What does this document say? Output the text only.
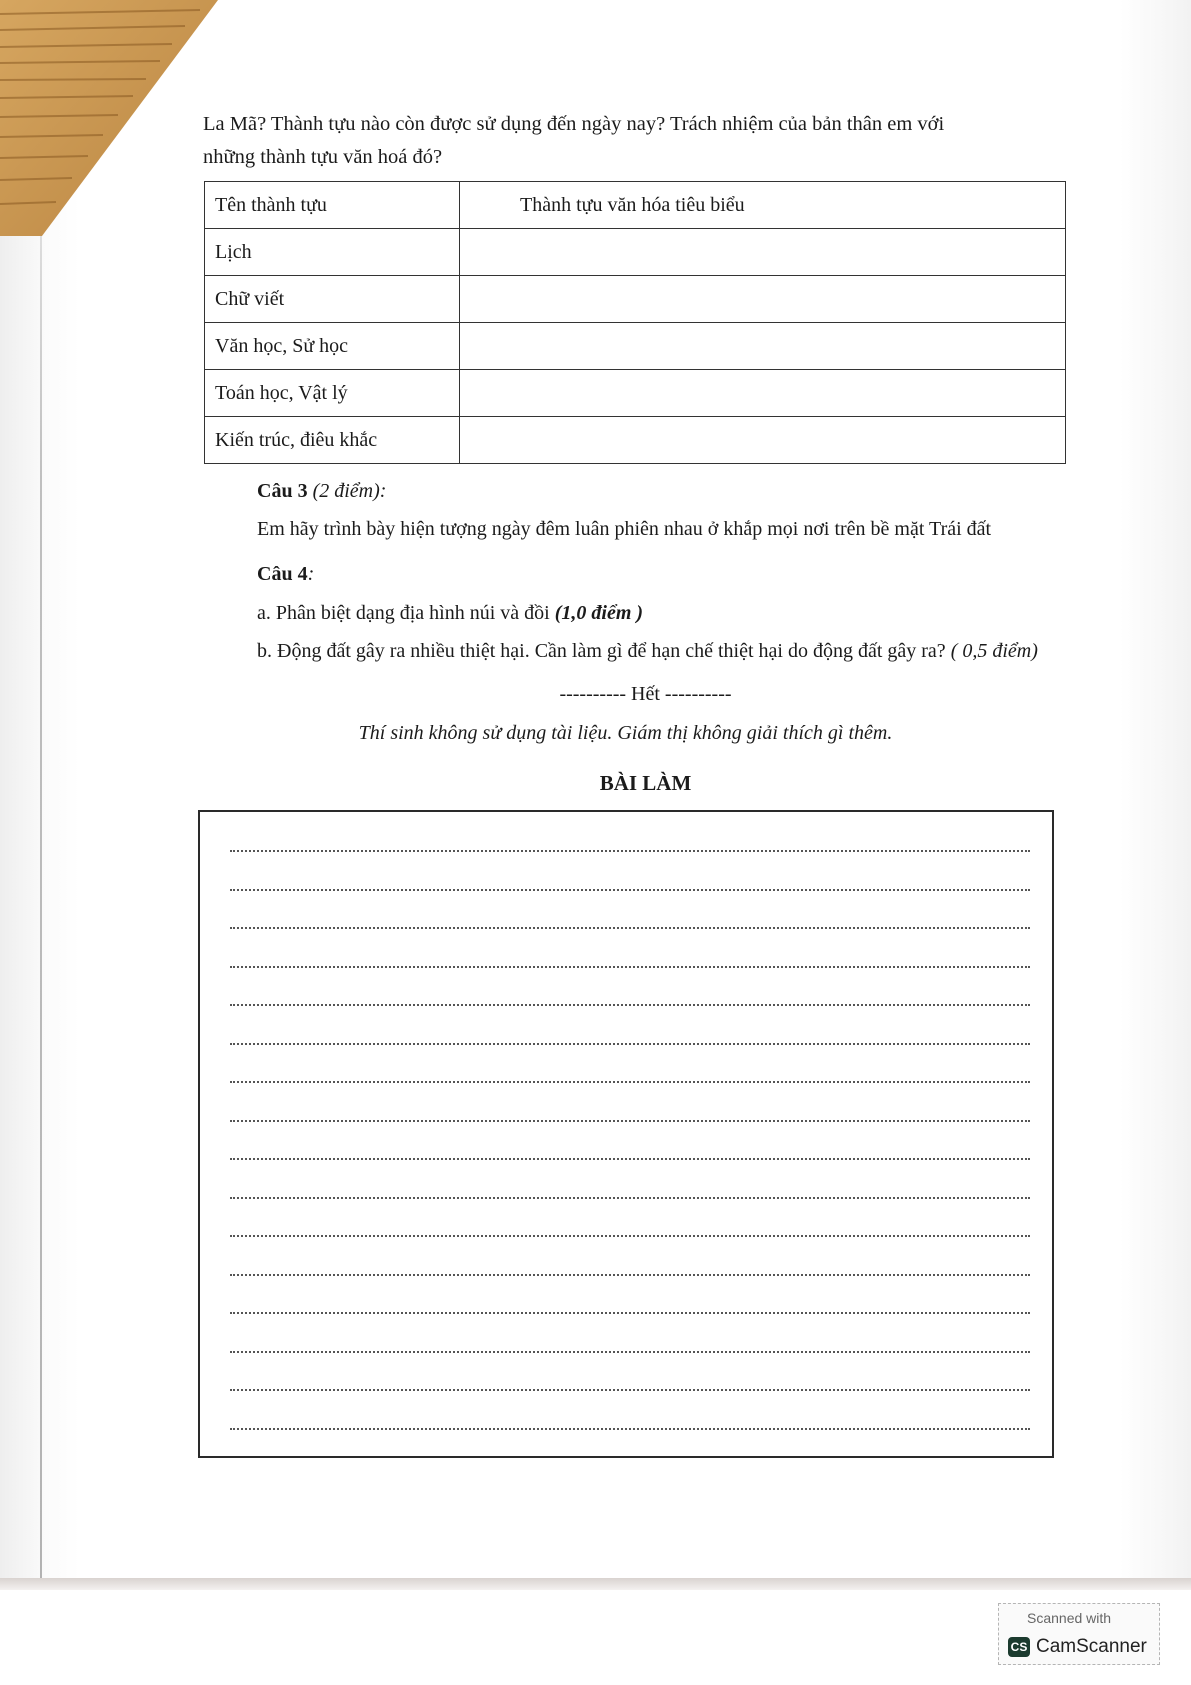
La Mã? Thành tựu nào còn được sử dụng đến ngày nay? Trách nhiệm của bản thân em với
những thành tựu văn hoá đó?
Tên thành tựu	Thành tựu văn hóa tiêu biểu
Lịch	
Chữ viết	
Văn học, Sử học	
Toán học, Vật lý	
Kiến trúc, điêu khắc	
Câu 3 (2 điểm):
Em hãy trình bày hiện tượng ngày đêm luân phiên nhau ở khắp mọi nơi trên bề mặt Trái đất
Câu 4:
a. Phân biệt dạng địa hình núi và đồi (1,0 điểm )
b. Động đất gây ra nhiều thiệt hại. Cần làm gì để hạn chế thiệt hại do động đất gây ra? ( 0,5 điểm)
---------- Hết ----------
Thí sinh không sử dụng tài liệu. Giám thị không giải thích gì thêm.
BÀI LÀM
Scanned with
CS CamScanner
